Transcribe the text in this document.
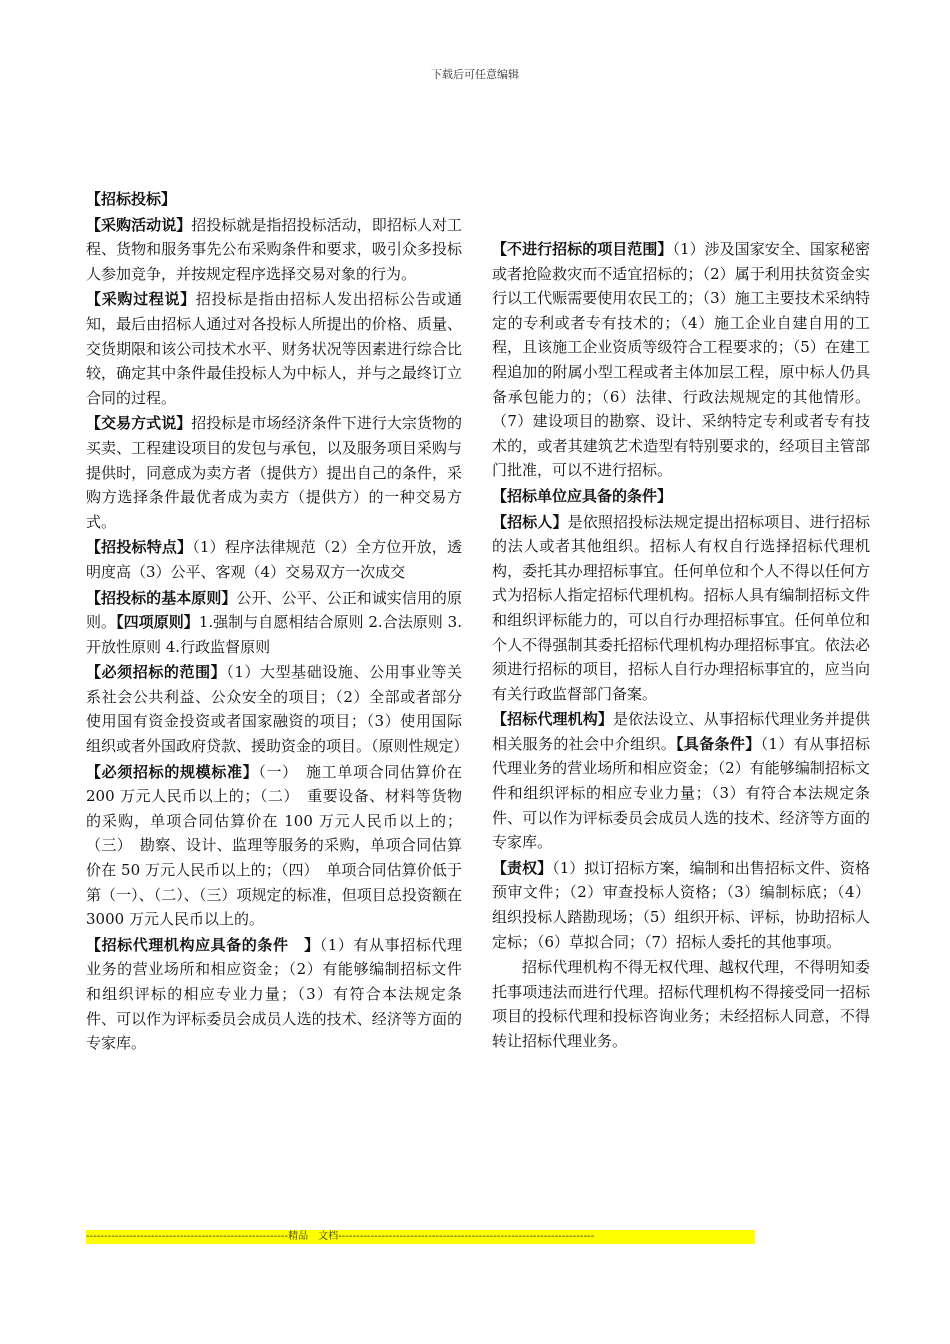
下载后可任意编辑

【招标投标】

【采购活动说】招投标就是指招投标活动，即招标人对工程、货物和服务事先公布采购条件和要求，吸引众多投标人参加竞争，并按规定程序选择交易对象的行为。

【采购过程说】招投标是指由招标人发出招标公告或通知，最后由招标人通过对各投标人所提出的价格、质量、交货期限和该公司技术水平、财务状况等因素进行综合比较，确定其中条件最佳投标人为中标人，并与之最终订立合同的过程。

【交易方式说】招投标是市场经济条件下进行大宗货物的买卖、工程建设项目的发包与承包，以及服务项目采购与提供时，同意成为卖方者（提供方）提出自己的条件，采购方选择条件最优者成为卖方（提供方）的一种交易方式。

【招投标特点】（1）程序法律规范（2）全方位开放，透明度高（3）公平、客观（4）交易双方一次成交

【招投标的基本原则】公开、公平、公正和诚实信用的原则。【四项原则】1.强制与自愿相结合原则 2.合法原则 3.开放性原则 4.行政监督原则

【必须招标的范围】（1）大型基础设施、公用事业等关系社会公共利益、公众安全的项目；（2）全部或者部分使用国有资金投资或者国家融资的项目；（3）使用国际组织或者外国政府贷款、援助资金的项目。（原则性规定）

【必须招标的规模标准】（一）　施工单项合同估算价在 200 万元人民币以上的；（二）　重要设备、材料等货物的采购，单项合同估算价在 100 万元人民币以上的；（三）　勘察、设计、监理等服务的采购，单项合同估算价在 50 万元人民币以上的；（四）　单项合同估算价低于第（一）、（二）、（三）项规定的标准，但项目总投资额在 3000 万元人民币以上的。

【招标代理机构应具备的条件　】（1）有从事招标代理业务的营业场所和相应资金；（2）有能够编制招标文件和组织评标的相应专业力量；（3）有符合本法规定条件、可以作为评标委员会成员人选的技术、经济等方面的专家库。

【不进行招标的项目范围】（1）涉及国家安全、国家秘密或者抢险救灾而不适宜招标的；（2）属于利用扶贫资金实行以工代赈需要使用农民工的；（3）施工主要技术采纳特定的专利或者专有技术的；（4）施工企业自建自用的工程，且该施工企业资质等级符合工程要求的；（5）在建工程追加的附属小型工程或者主体加层工程，原中标人仍具备承包能力的；（6）法律、行政法规规定的其他情形。（7）建设项目的勘察、设计、采纳特定专利或者专有技术的，或者其建筑艺术造型有特别要求的，经项目主管部门批准，可以不进行招标。

【招标单位应具备的条件】

【招标人】是依照招投标法规定提出招标项目、进行招标的法人或者其他组织。招标人有权自行选择招标代理机构，委托其办理招标事宜。任何单位和个人不得以任何方式为招标人指定招标代理机构。招标人具有编制招标文件和组织评标能力的，可以自行办理招标事宜。任何单位和个人不得强制其委托招标代理机构办理招标事宜。依法必须进行招标的项目，招标人自行办理招标事宜的，应当向有关行政监督部门备案。

【招标代理机构】是依法设立、从事招标代理业务并提供相关服务的社会中介组织。【具备条件】（1）有从事招标代理业务的营业场所和相应资金；（2）有能够编制招标文件和组织评标的相应专业力量；（3）有符合本法规定条件、可以作为评标委员会成员人选的技术、经济等方面的专家库。

【责权】（1）拟订招标方案，编制和出售招标文件、资格预审文件；（2）审查投标人资格；（3）编制标底；（4）组织投标人踏勘现场；（5）组织开标、评标，协助招标人定标；（6）草拟合同；（7）招标人委托的其他事项。

招标代理机构不得无权代理、越权代理，不得明知委托事项违法而进行代理。招标代理机构不得接受同一招标项目的投标代理和投标咨询业务；未经招标人同意，不得转让招标代理业务。

--------------------------------------------------------精品　文档-----------------------------------------------------------------------
